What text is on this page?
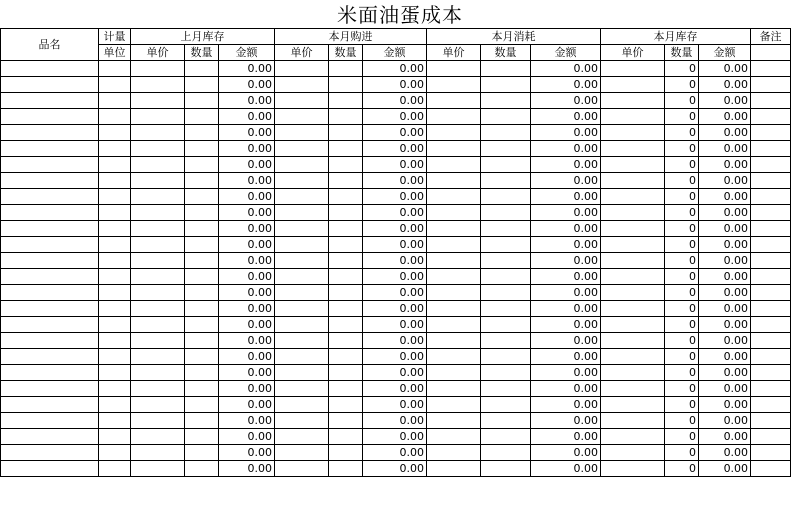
米面油蛋成本
品名	计量	上月库存			本月购进			本月消耗			本月库存			备注
	单位	单价	数量	金额	单价	数量	金额	单价	数量	金额	单价	数量	金额	
				0.00			0.00			0.00		0	0.00	
				0.00			0.00			0.00		0	0.00	
				0.00			0.00			0.00		0	0.00	
				0.00			0.00			0.00		0	0.00	
				0.00			0.00			0.00		0	0.00	
				0.00			0.00			0.00		0	0.00	
				0.00			0.00			0.00		0	0.00	
				0.00			0.00			0.00		0	0.00	
				0.00			0.00			0.00		0	0.00	
				0.00			0.00			0.00		0	0.00	
				0.00			0.00			0.00		0	0.00	
				0.00			0.00			0.00		0	0.00	
				0.00			0.00			0.00		0	0.00	
				0.00			0.00			0.00		0	0.00	
				0.00			0.00			0.00		0	0.00	
				0.00			0.00			0.00		0	0.00	
				0.00			0.00			0.00		0	0.00	
				0.00			0.00			0.00		0	0.00	
				0.00			0.00			0.00		0	0.00	
				0.00			0.00			0.00		0	0.00	
				0.00			0.00			0.00		0	0.00	
				0.00			0.00			0.00		0	0.00	
				0.00			0.00			0.00		0	0.00	
				0.00			0.00			0.00		0	0.00	
				0.00			0.00			0.00		0	0.00	
				0.00			0.00			0.00		0	0.00	
